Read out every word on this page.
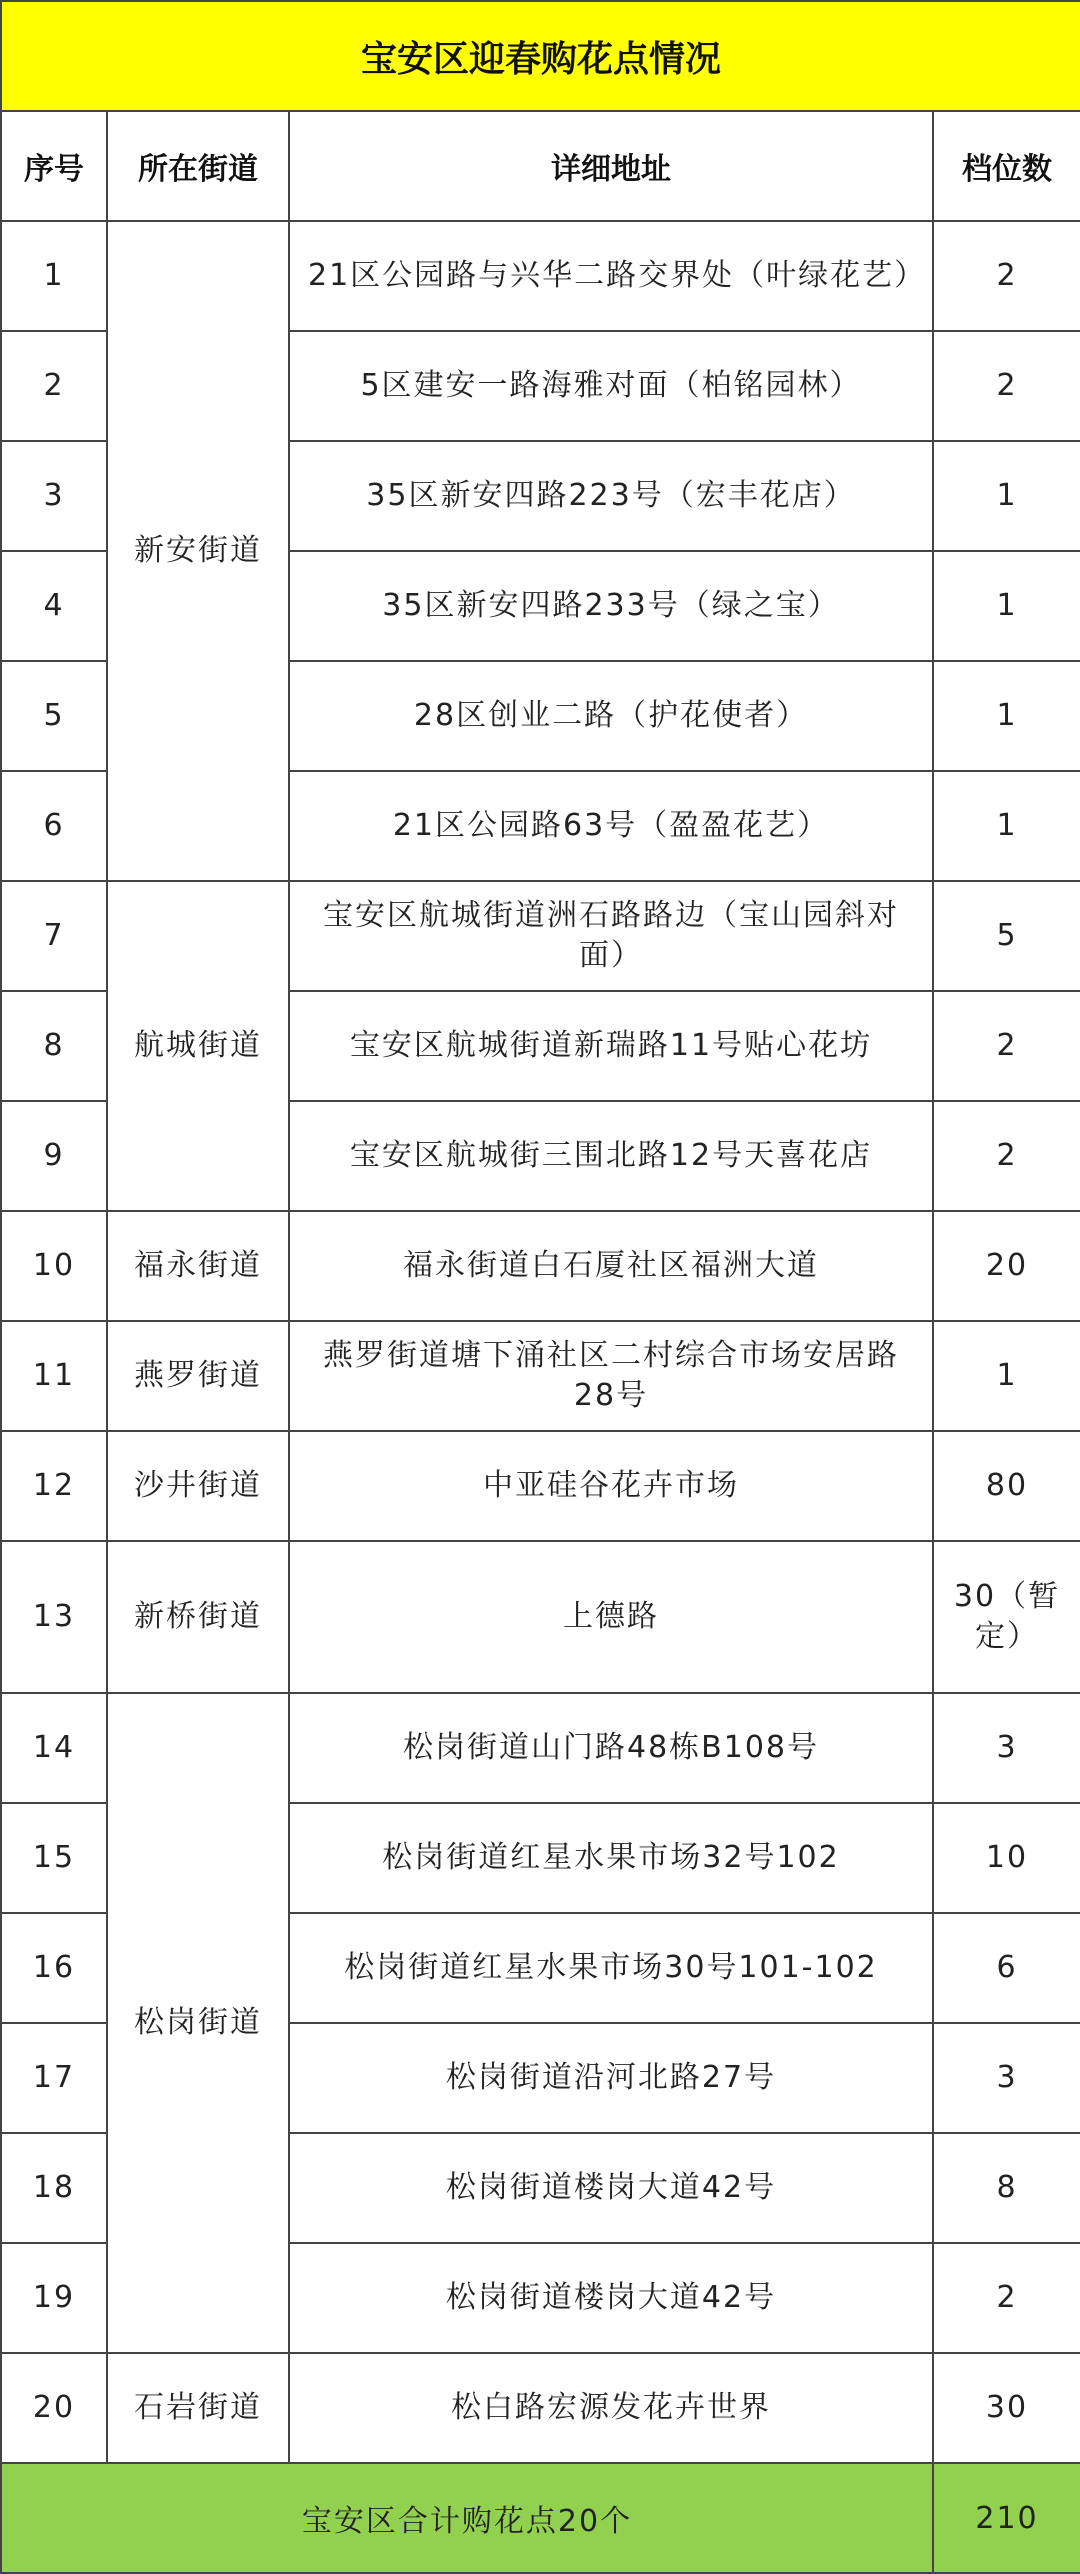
宝安区迎春购花点情况			
序号	所在街道	详细地址	档位数
1	新安街道	21区公园路与兴华二路交界处（叶绿花艺）	2
2		5区建安一路海雅对面（柏铭园林）	2
3		35区新安四路223号（宏丰花店）	1
4		35区新安四路233号（绿之宝）	1
5		28区创业二路（护花使者）	1
6		21区公园路63号（盈盈花艺）	1
7	航城街道	宝安区航城街道洲石路路边（宝山园斜对面）	5
8		宝安区航城街道新瑞路11号贴心花坊	2
9		宝安区航城街三围北路12号天喜花店	2
10	福永街道	福永街道白石厦社区福洲大道	20
11	燕罗街道	燕罗街道塘下涌社区二村综合市场安居路28号	1
12	沙井街道	中亚硅谷花卉市场	80
13	新桥街道	上德路	30（暂定）
14	松岗街道	松岗街道山门路48栋B108号	3
15		松岗街道红星水果市场32号102	10
16		松岗街道红星水果市场30号101-102	6
17		松岗街道沿河北路27号	3
18		松岗街道楼岗大道42号	8
19		松岗街道楼岗大道42号	2
20	石岩街道	松白路宏源发花卉世界	30
宝安区合计购花点20个			210
